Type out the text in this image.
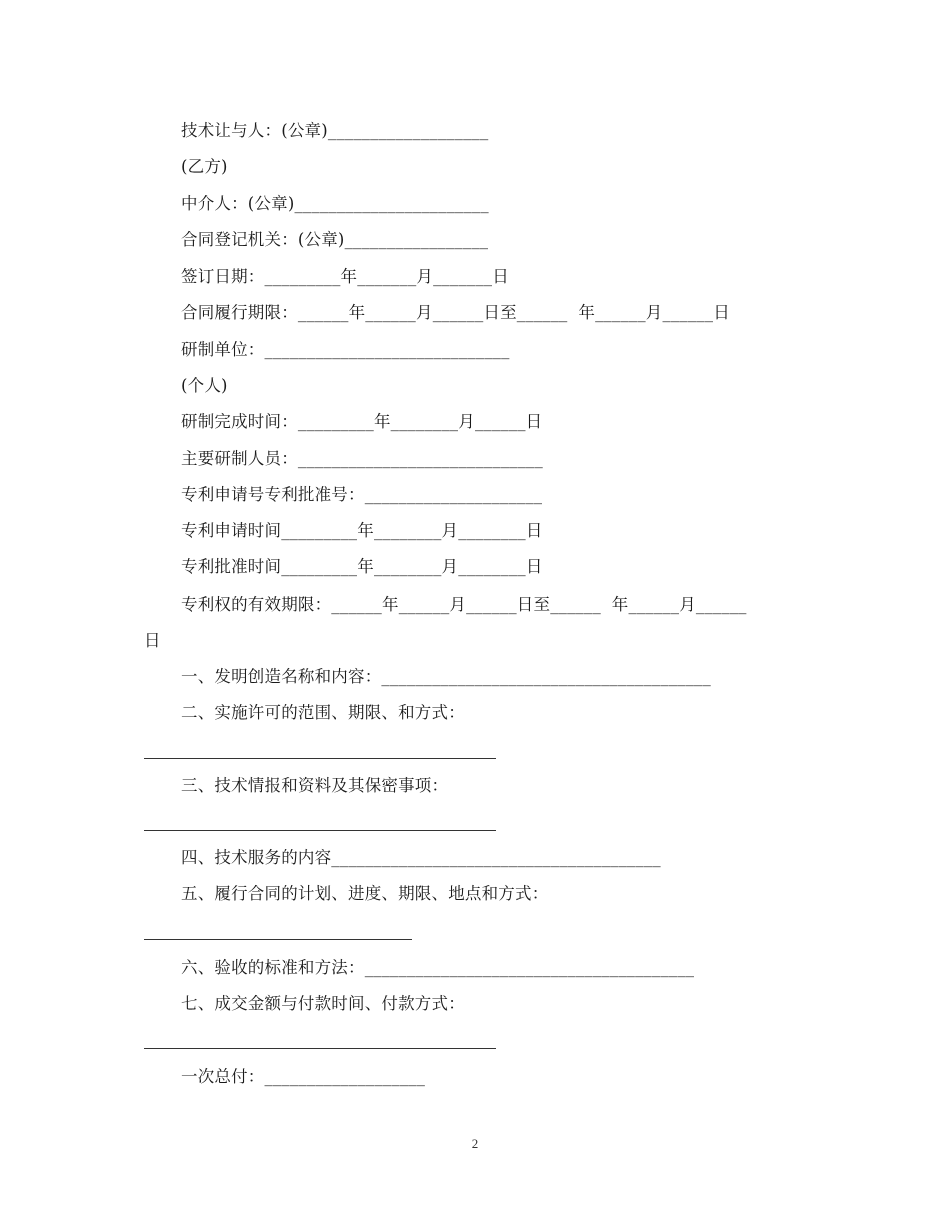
技术让与人：(公章)___________________
(乙方)
中介人：(公章)_______________________
合同登记机关：(公章)_________________
签订日期：_________年_______月_______日
合同履行期限：______年______月______日至______  年______月______日
研制单位：_____________________________
(个人)
研制完成时间：_________年________月______日
主要研制人员：_____________________________
专利申请号专利批准号：_____________________
专利申请时间_________年________月________日
专利批准时间_________年________月________日
专利权的有效期限：______年______月______日至______  年______月______
日
一、发明创造名称和内容：_______________________________________
二、实施许可的范围、期限、和方式：
三、技术情报和资料及其保密事项：
四、技术服务的内容_______________________________________
五、履行合同的计划、进度、期限、地点和方式：
六、验收的标准和方法：_______________________________________
七、成交金额与付款时间、付款方式：
一次总付：___________________
2
